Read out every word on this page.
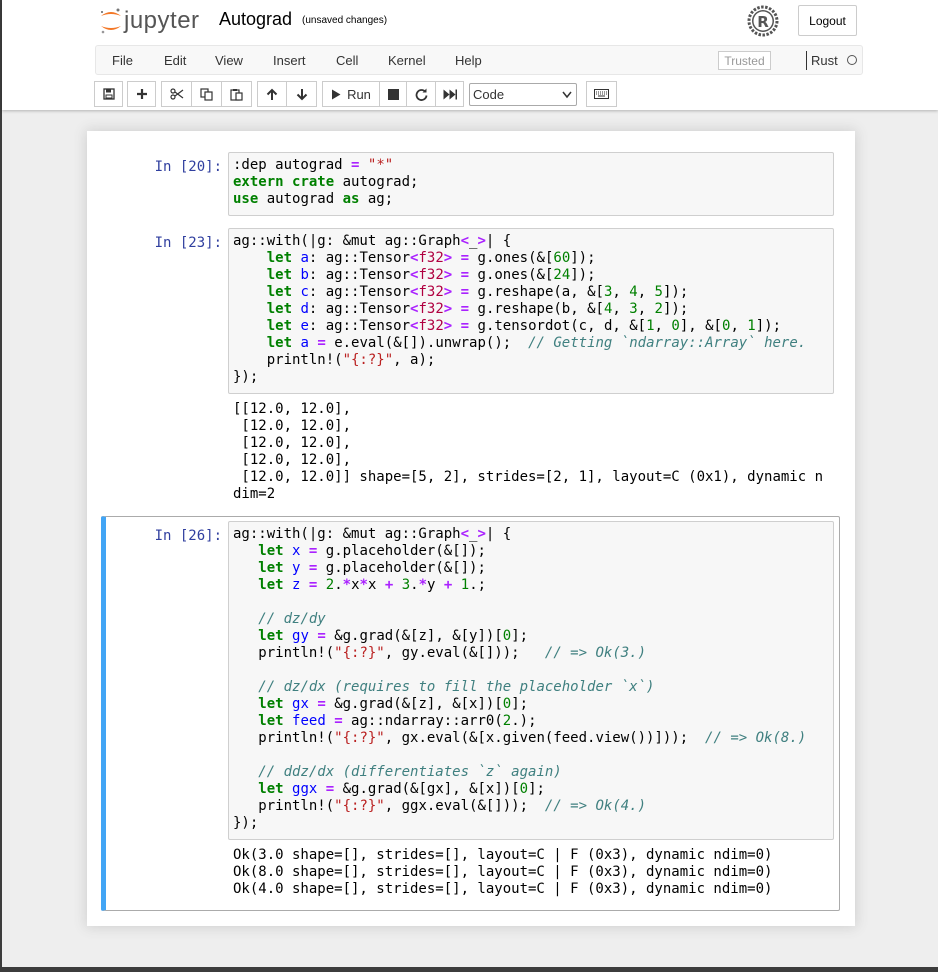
jupyter Autograd (unsaved changes)	R	Logout
File Edit View Insert Cell Kernel Help	Trusted	Rust
Run	Code
In [20]: :dep autograd = "*"
extern crate autograd;
use autograd as ag;
In [23]: ag::with(|g: &mut ag::Graph<_>| {
let a: ag::Tensor<f32> = g.ones(&[60]);
let b: ag::Tensor<f32> = g.ones(&[24]);
let c: ag::Tensor<f32> = g.reshape(a, &[3, 4, 5]);
let d: ag::Tensor<f32> = g.reshape(b, &[4, 3, 2]);
let e: ag::Tensor<f32> = g.tensordot(c, d, &[1, 0], &[0, 1]);
let a = e.eval(&[]).unwrap();  // Getting `ndarray::Array` here.
println!("{:?}", a);
});
[[12.0, 12.0],
[12.0, 12.0],
[12.0, 12.0],
[12.0, 12.0],
[12.0, 12.0]] shape=[5, 2], strides=[2, 1], layout=C (0x1), dynamic n
dim=2
In [26]: ag::with(|g: &mut ag::Graph<_>| {
let x = g.placeholder(&[]);
let y = g.placeholder(&[]);
let z = 2.*x*x + 3.*y + 1.;

// dz/dy
let gy = &g.grad(&[z], &[y])[0];
println!("{:?}", gy.eval(&[]));   // => Ok(3.)

// dz/dx (requires to fill the placeholder `x`)
let gx = &g.grad(&[z], &[x])[0];
let feed = ag::ndarray::arr0(2.);
println!("{:?}", gx.eval(&[x.given(feed.view())]));  // => Ok(8.)

// ddz/dx (differentiates `z` again)
let ggx = &g.grad(&[gx], &[x])[0];
println!("{:?}", ggx.eval(&[]));  // => Ok(4.)
});
Ok(3.0 shape=[], strides=[], layout=C | F (0x3), dynamic ndim=0)
Ok(8.0 shape=[], strides=[], layout=C | F (0x3), dynamic ndim=0)
Ok(4.0 shape=[], strides=[], layout=C | F (0x3), dynamic ndim=0)
